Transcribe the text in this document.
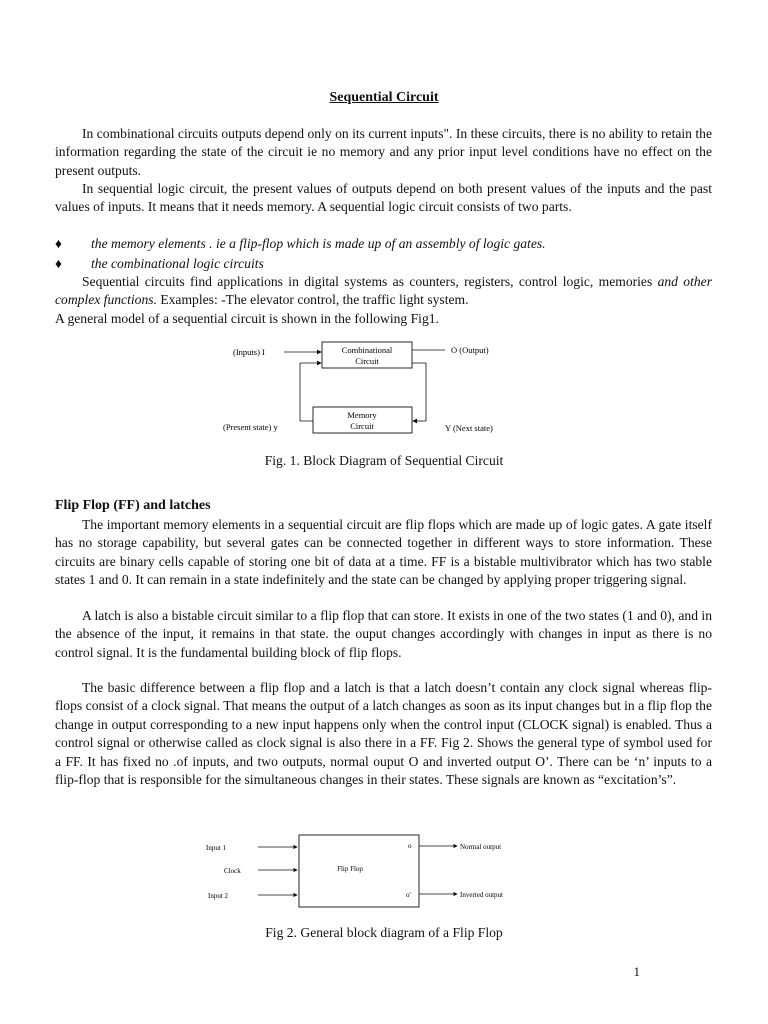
Sequential Circuit

In combinational circuits outputs depend only on its current inputs". In these circuits, there is no ability to retain the information regarding the state of the circuit ie no memory and any prior input level conditions have no effect on the present outputs.

In sequential logic circuit, the present values of outputs depend on both present values of the inputs and the past values of inputs. It means that it needs memory. A sequential logic circuit consists of two parts.

♦ the memory elements . ie a flip-flop which is made up of an assembly of logic gates.
♦ the combinational logic circuits

Sequential circuits find applications in digital systems as counters, registers, control logic, memories and other complex functions. Examples: -The elevator control, the traffic light system.

A general model of a sequential circuit is shown in the following Fig1.

(Inputs) I	Combinational
Circuit
O (Output)
Memory
Circuit
(Present state) y	Y (Next state)
Fig. 1. Block Diagram of Sequential Circuit
Flip Flop (FF) and latches

The important memory elements in a sequential circuit are flip flops which are made up of logic gates. A gate itself has no storage capability, but several gates can be connected together in different ways to store information. These circuits are binary cells capable of storing one bit of data at a time. FF is a bistable multivibrator which has two stable states 1 and 0. It can remain in a state indefinitely and the state can be changed by applying proper triggering signal.

A latch is also a bistable circuit similar to a flip flop that can store. It exists in one of the two states (1 and 0), and in the absence of the input, it remains in that state. the ouput changes accordingly with changes in input as there is no control signal. It is the fundamental building block of flip flops.

The basic difference between a flip flop and a latch is that a latch doesn’t contain any clock signal whereas flip-flops consist of a clock signal. That means the output of a latch changes as soon as its input changes but in a flip flop the change in output corresponding to a new input happens only when the control input (CLOCK signal) is enabled. Thus a control signal or otherwise called as clock signal is also there in a FF. Fig 2. Shows the general type of symbol used for a FF. It has fixed no .of inputs, and two outputs, normal ouput O and inverted output O’. There can be ‘n’ inputs to a flip-flop that is responsible for the simultaneous changes in their states. These signals are known as “excitation’s”.

Flip Flop
Input 1
Clock
Input 2
o	Normal output
o'	Inverted output
Fig 2. General block diagram of a Flip Flop
1
